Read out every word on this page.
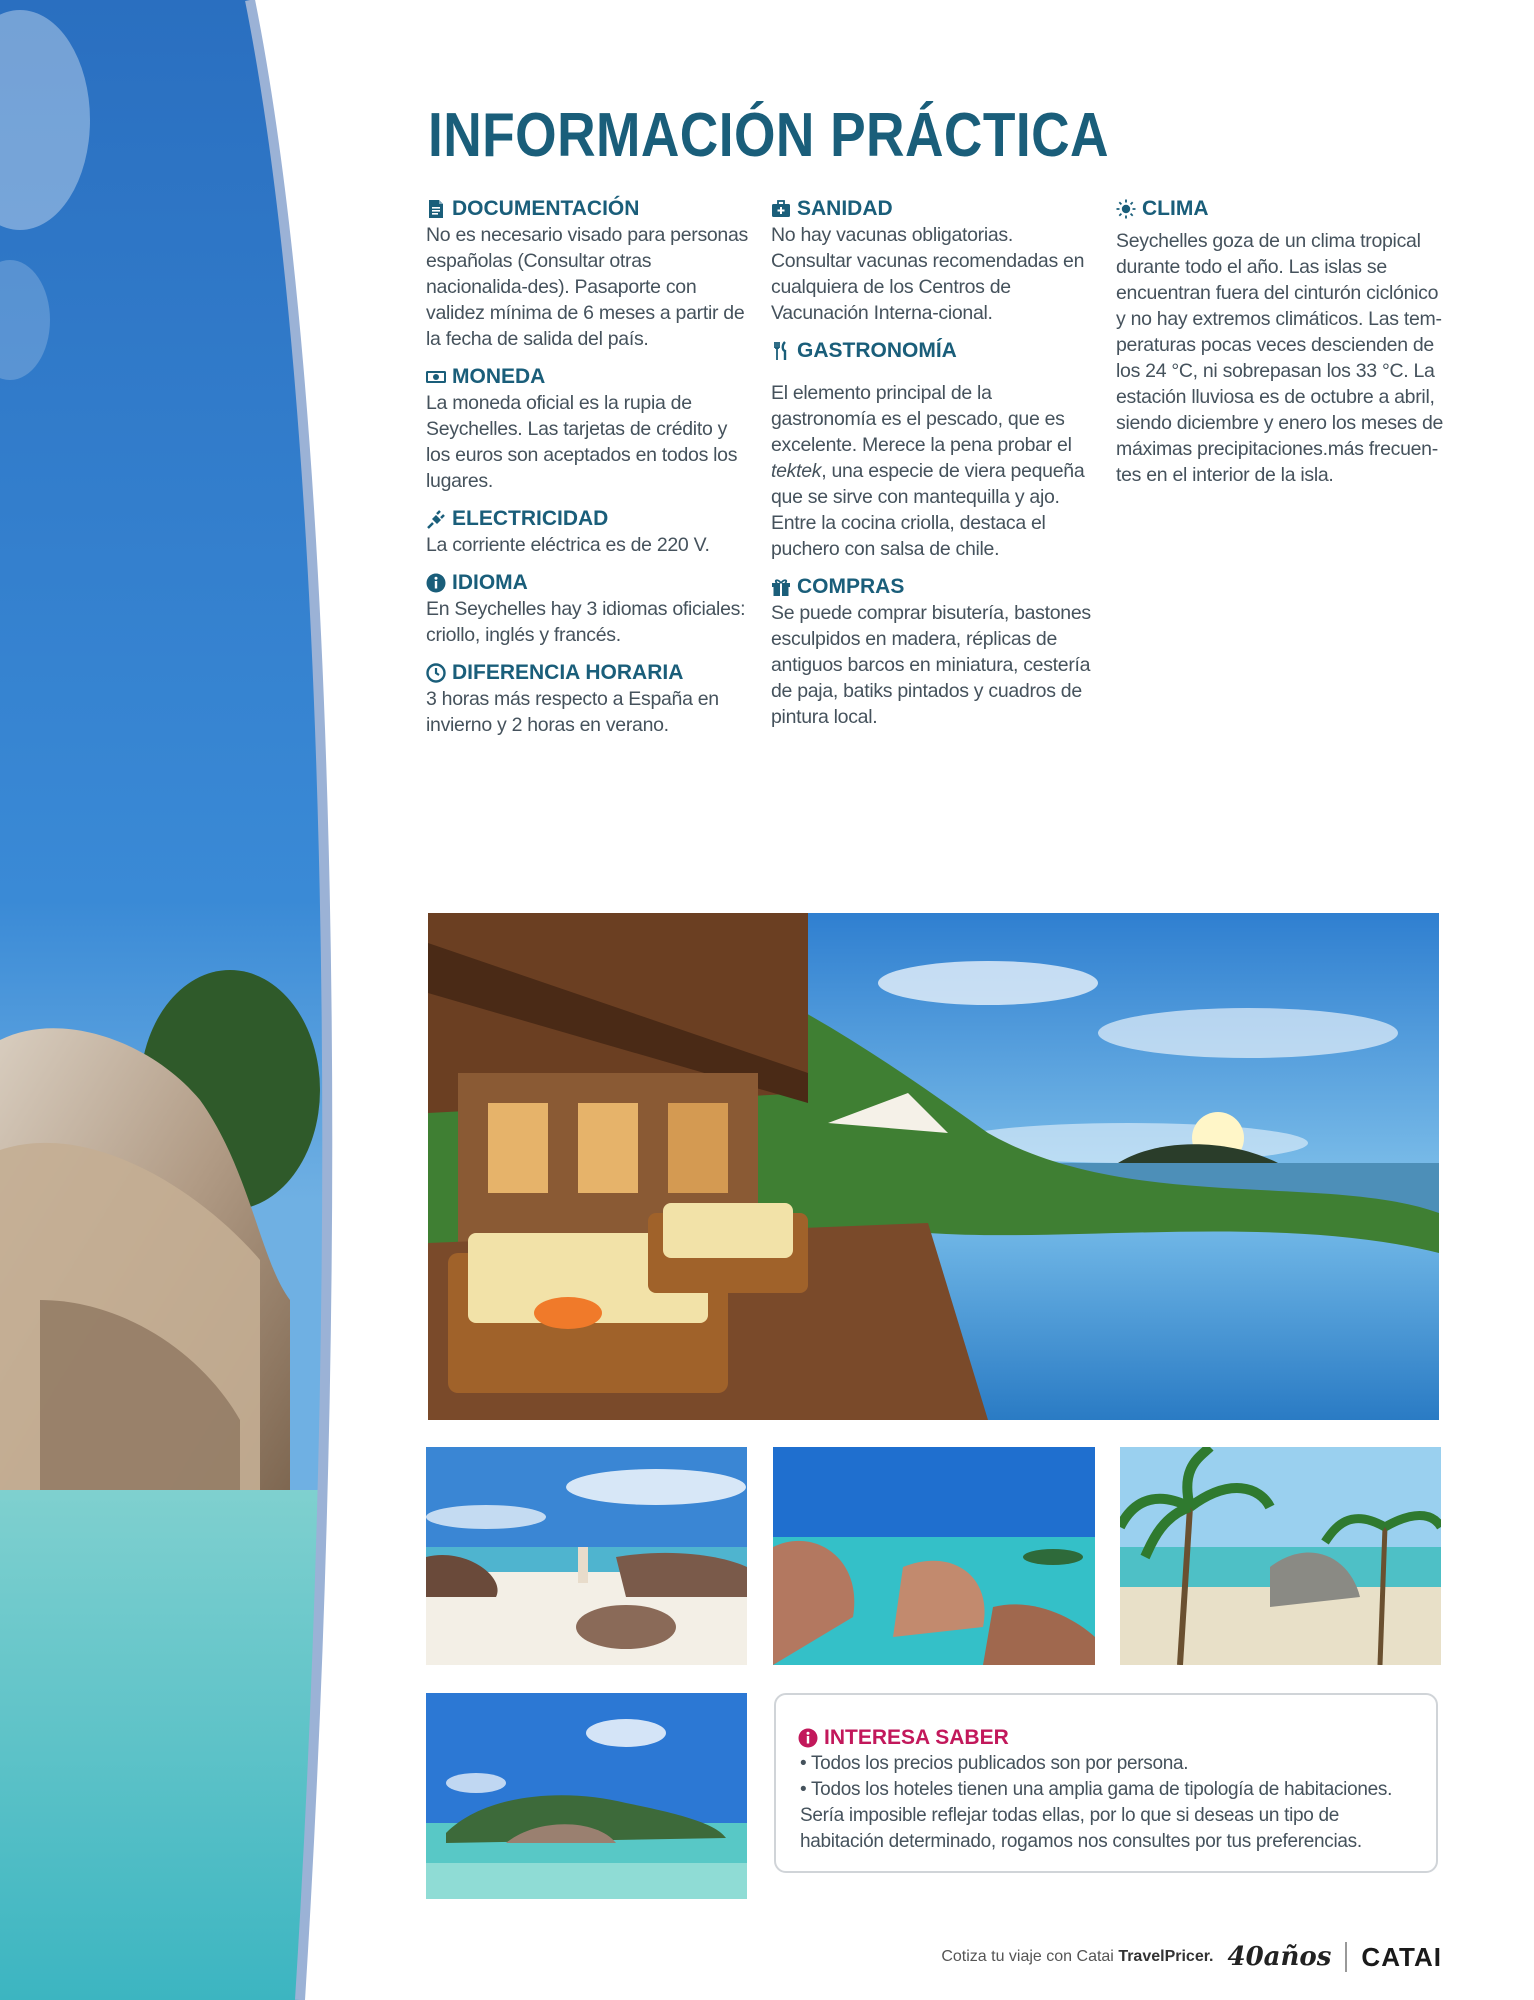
INFORMACIÓN PRÁCTICA
DOCUMENTACIÓN
No es necesario visado para personas españolas (Consultar otras nacionalida-des). Pasaporte con validez mínima de 6 meses a partir de la fecha de salida del país.
MONEDA
La moneda oficial es la rupia de Seychelles. Las tarjetas de crédito y los euros son aceptados en todos los lugares.
ELECTRICIDAD
La corriente eléctrica es de 220 V.
IDIOMA
En Seychelles hay 3 idiomas oficiales: criollo, inglés y francés.
DIFERENCIA HORARIA
3 horas más respecto a España en invierno y 2 horas en verano.
SANIDAD
No hay vacunas obligatorias. Consultar vacunas recomendadas en cualquiera de los Centros de Vacunación Interna-cional.
GASTRONOMÍA
El elemento principal de la gastronomía es el pescado, que es excelente. Merece la pena probar el tektek, una especie de viera pequeña que se sirve con mantequilla y ajo. Entre la cocina criolla, destaca el puchero con salsa de chile.
COMPRAS
Se puede comprar bisutería, bastones esculpidos en madera, réplicas de antiguos barcos en miniatura, cestería de paja, batiks pintados y cuadros de pintura local.
CLIMA
Seychelles goza de un clima tropical durante todo el año. Las islas se encuentran fuera del cinturón ciclónico y no hay extremos climáticos. Las tem-peraturas pocas veces descienden de los 24 °C, ni sobrepasan los 33 °C. La estación lluviosa es de octubre a abril, siendo diciembre y enero los meses de máximas precipitaciones.más frecuen-tes en el interior de la isla.
INTERESA SABER
• Todos los precios publicados son por persona.
• Todos los hoteles tienen una amplia gama de tipología de habitaciones. Sería imposible reflejar todas ellas, por lo que si deseas un tipo de habitación determinado, rogamos nos consultes por tus preferencias.
Cotiza tu viaje con Catai TravelPricer. 40años CATAI
